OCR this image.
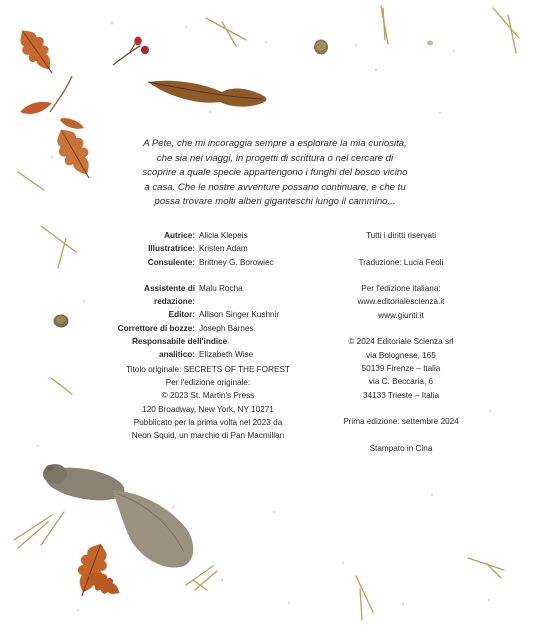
A Pete, che mi incoraggia sempre a esplorare la mia curiosità,
che sia nei viaggi, in progetti di scrittura o nel cercare di
scoprire a quale specie appartengono i funghi del bosco vicino
a casa. Che le nostre avventure possano continuare, e che tu
possa trovare molti alberi giganteschi lungo il cammino...
Autrice: Alicia Klepeis
Illustratrice: Kristen Adam
Consulente: Brittney G. Borowiec
Assistente di redazione:
Malu Rocha
Editor: Allison Singer Kushnir
Correttore di bozze: Joseph Barnes
Responsabile dell'indice
analitico: Elizabeth Wise
Titolo originale: SECRETS OF THE FOREST
Per l'edizione originale:
© 2023 St. Martin's Press
120 Broadway, New York, NY 10271
Pubblicato per la prima volta nel 2023 da
Neon Squid, un marchio di Pan Macmillan
Tutti i diritti riservati
Traduzione: Lucia Feoli
Per l'edizione italiana:
www.editorialescienza.it
www.giunti.it
© 2024 Editoriale Scienza srl
via Bolognese, 165
50139 Firenze – Italia
via C. Beccaria, 6
34133 Trieste – Italia
Prima edizione: settembre 2024
Stampato in Cina
